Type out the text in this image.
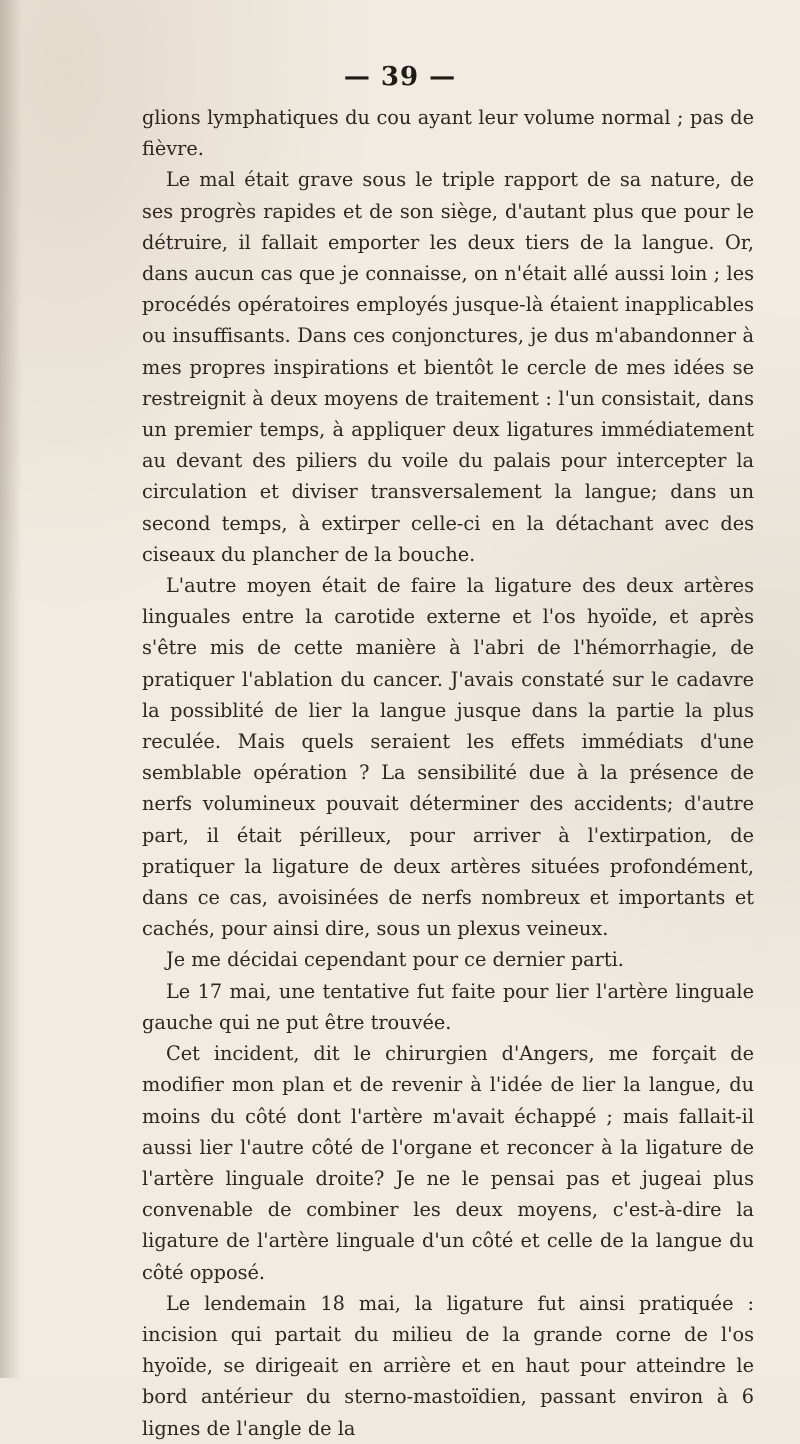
— 39 —

glions lymphatiques du cou ayant leur volume normal ; pas de fièvre.

Le mal était grave sous le triple rapport de sa nature, de ses progrès rapides et de son siège, d'autant plus que pour le détruire, il fallait emporter les deux tiers de la langue. Or, dans aucun cas que je connaisse, on n'était allé aussi loin ; les procédés opératoires employés jusque-là étaient inapplicables ou insuffisants. Dans ces conjonctures, je dus m'abandonner à mes propres inspirations et bientôt le cercle de mes idées se restreignit à deux moyens de traitement : l'un consistait, dans un premier temps, à appliquer deux ligatures immédiatement au devant des piliers du voile du palais pour intercepter la circulation et diviser transversalement la langue; dans un second temps, à extirper celle-ci en la détachant avec des ciseaux du plancher de la bouche.

L'autre moyen était de faire la ligature des deux artères linguales entre la carotide externe et l'os hyoïde, et après s'être mis de cette manière à l'abri de l'hémorrhagie, de pratiquer l'ablation du cancer. J'avais constaté sur le cadavre la possiblité de lier la langue jusque dans la partie la plus reculée. Mais quels seraient les effets immédiats d'une semblable opération ? La sensibilité due à la présence de nerfs volumineux pouvait déterminer des accidents; d'autre part, il était périlleux, pour arriver à l'extirpation, de pratiquer la ligature de deux artères situées profondément, dans ce cas, avoisinées de nerfs nombreux et importants et cachés, pour ainsi dire, sous un plexus veineux.

Je me décidai cependant pour ce dernier parti.

Le 17 mai, une tentative fut faite pour lier l'artère linguale gauche qui ne put être trouvée.

Cet incident, dit le chirurgien d'Angers, me forçait de modifier mon plan et de revenir à l'idée de lier la langue, du moins du côté dont l'artère m'avait échappé ; mais fallait-il aussi lier l'autre côté de l'organe et reconcer à la ligature de l'artère linguale droite? Je ne le pensai pas et jugeai plus convenable de combiner les deux moyens, c'est-à-dire la ligature de l'artère linguale d'un côté et celle de la langue du côté opposé.

Le lendemain 18 mai, la ligature fut ainsi pratiquée : incision qui partait du milieu de la grande corne de l'os hyoïde, se dirigeait en arrière et en haut pour atteindre le bord antérieur du sterno-mastoïdien, passant environ à 6 lignes de l'angle de la
